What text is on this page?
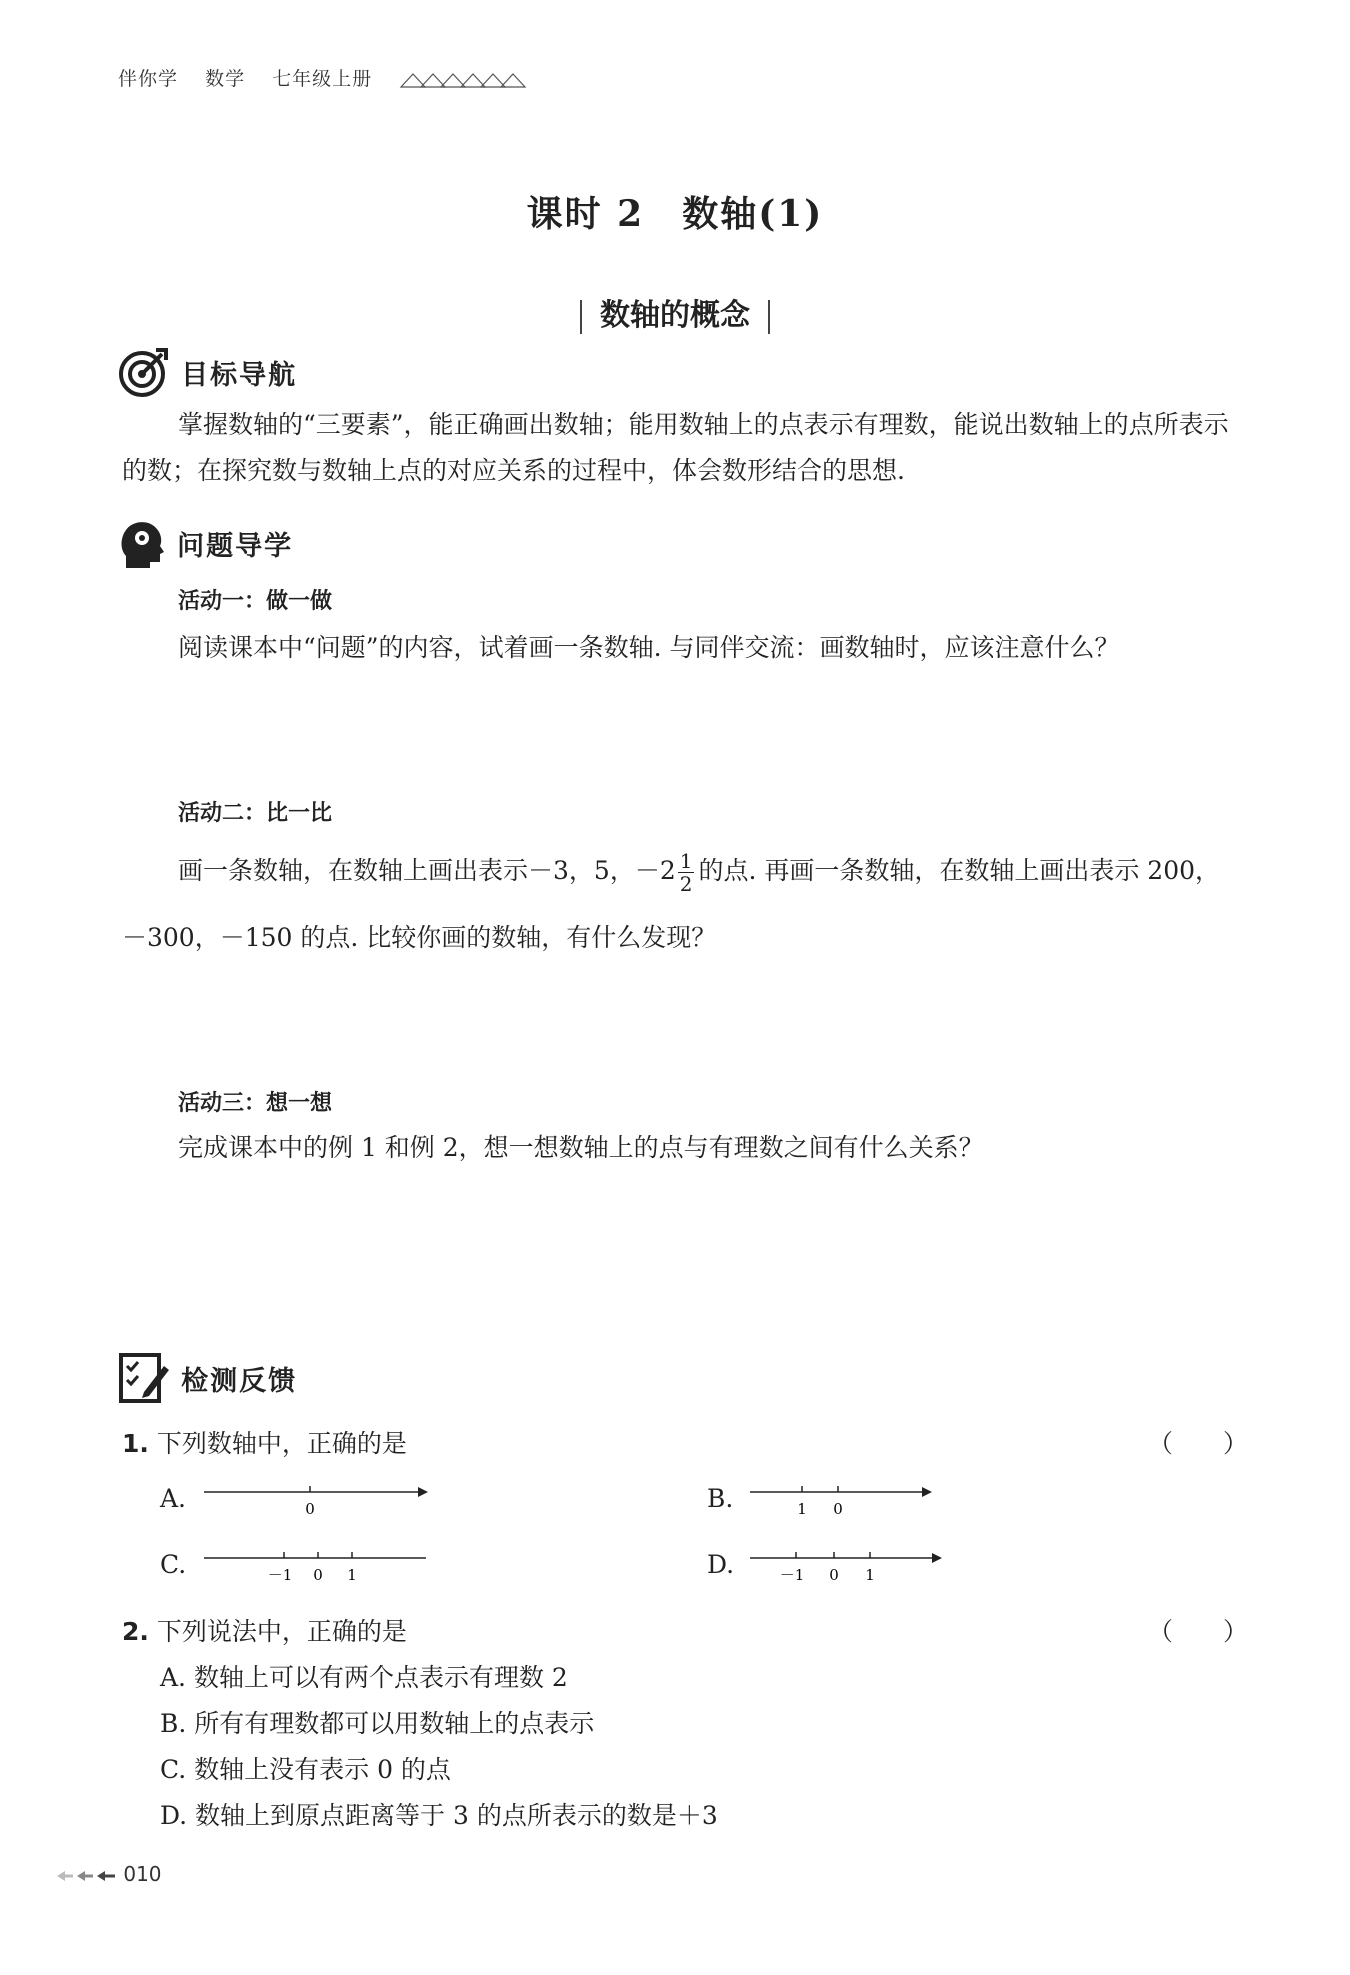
伴你学 数学 七年级上册
课时 2　数轴(1)
数轴的概念
目标导航
掌握数轴的“三要素”，能正确画出数轴；能用数轴上的点表示有理数，能说出数轴上的点所表示的数；在探究数与数轴上点的对应关系的过程中，体会数形结合的思想.
问题导学
活动一：做一做
阅读课本中“问题”的内容，试着画一条数轴. 与同伴交流：画数轴时，应该注意什么？
活动二：比一比
画一条数轴，在数轴上画出表示－3，5，$-2 \frac{1}{2}$ 的点. 再画一条数轴，在数轴上画出表示 200，
－300，－150 的点. 比较你画的数轴，有什么发现？
活动三：想一想
完成课本中的例 1 和例 2，想一想数轴上的点与有理数之间有什么关系？
检测反馈
1. 下列数轴中，正确的是	（　　）
A.	0	B.	1 0
C.	－1 0 1	D.	－1 0 1
2. 下列说法中，正确的是	（　　）
A. 数轴上可以有两个点表示有理数 2
B. 所有有理数都可以用数轴上的点表示
C. 数轴上没有表示 0 的点
D. 数轴上到原点距离等于 3 的点所表示的数是＋3
010
